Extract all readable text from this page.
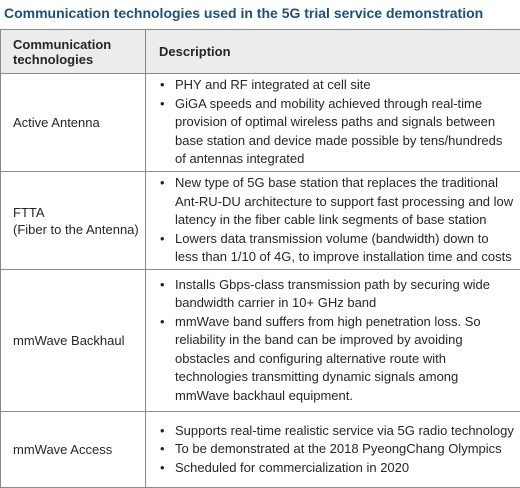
Communication technologies used in the 5G trial service demonstration
Communication
technologies	Description
Active Antenna
• PHY and RF integrated at cell site
• GiGA speeds and mobility achieved through real-time provision of optimal wireless paths and signals between base station and device made possible by tens/hundreds of antennas integrated
FTTA
(Fiber to the Antenna)
• New type of 5G base station that replaces the traditional Ant-RU-DU architecture to support fast processing and low latency in the fiber cable link segments of base station
• Lowers data transmission volume (bandwidth) down to less than 1/10 of 4G, to improve installation time and costs
mmWave Backhaul
• Installs Gbps-class transmission path by securing wide bandwidth carrier in 10+ GHz band
• mmWave band suffers from high penetration loss. So reliability in the band can be improved by avoiding obstacles and configuring alternative route with technologies transmitting dynamic signals among mmWave backhaul equipment.
mmWave Access
• Supports real-time realistic service via 5G radio technology
• To be demonstrated at the 2018 PyeongChang Olympics
• Scheduled for commercialization in 2020
